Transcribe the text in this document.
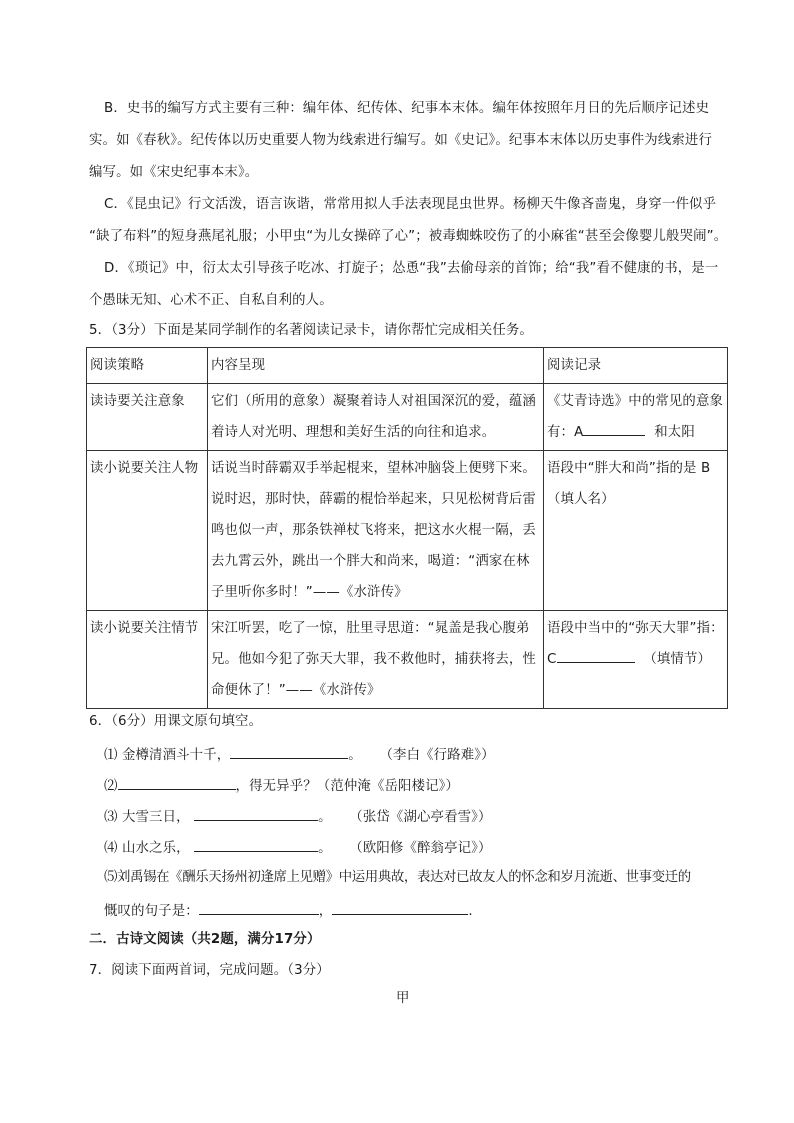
B．史书的编写方式主要有三种：编年体、纪传体、纪事本末体。编年体按照年月日的先后顺序记述史
实。如《春秋》。纪传体以历史重要人物为线索进行编写。如《史记》。纪事本末体以历史事件为线索进行
编写。如《宋史纪事本末》。
C．《昆虫记》行文活泼，语言诙谐，常常用拟人手法表现昆虫世界。杨柳天牛像吝啬鬼，身穿一件似乎
“缺了布料”的短身燕尾礼服；小甲虫“为儿女操碎了心”；被毒蜘蛛咬伤了的小麻雀“甚至会像婴儿般哭闹”。
D．《琐记》中，衍太太引导孩子吃冰、打旋子；怂恿“我”去偷母亲的首饰；给“我”看不健康的书，是一
个愚昧无知、心术不正、自私自利的人。
5．（3分）下面是某同学制作的名著阅读记录卡，请你帮忙完成相关任务。
阅读策略	内容呈现	阅读记录
读诗要关注意象	它们（所用的意象）凝聚着诗人对祖国深沉的爱，蕴涵着诗人对光明、理想和美好生活的向往和追求。	《艾青诗选》中的常见的意象有：A 和太阳
读小说要关注人物	话说当时薛霸双手举起棍来，望林冲脑袋上便劈下来。说时迟，那时快，薛霸的棍恰举起来，只见松树背后雷鸣也似一声，那条铁禅杖飞将来，把这水火棍一隔，丢去九霄云外，跳出一个胖大和尚来，喝道：“洒家在林子里听你多时！”——《水浒传》	语段中“胖大和尚”指的是 B（填人名）
读小说要关注情节	宋江听罢，吃了一惊，肚里寻思道：“晁盖是我心腹弟兄。他如今犯了弥天大罪，我不救他时，捕获将去，性命便休了！”——《水浒传》	语段中当中的“弥天大罪”指：C （填情节）
6．（6分）用课文原句填空。
⑴ 金樽清酒斗十千，	。 （李白《行路难》）
⑵	，得无异乎？（范仲淹《岳阳楼记》）
⑶ 大雪三日，	。 （张岱《湖心亭看雪》）
⑷ 山水之乐，	。 （欧阳修《醉翁亭记》）
⑸刘禹锡在《酬乐天扬州初逢席上见赠》中运用典故，表达对已故友人的怀念和岁月流逝、世事变迁的
慨叹的句子是：	，	.
二．古诗文阅读（共2题，满分17分）
7．阅读下面两首词，完成问题。（3分）
甲
